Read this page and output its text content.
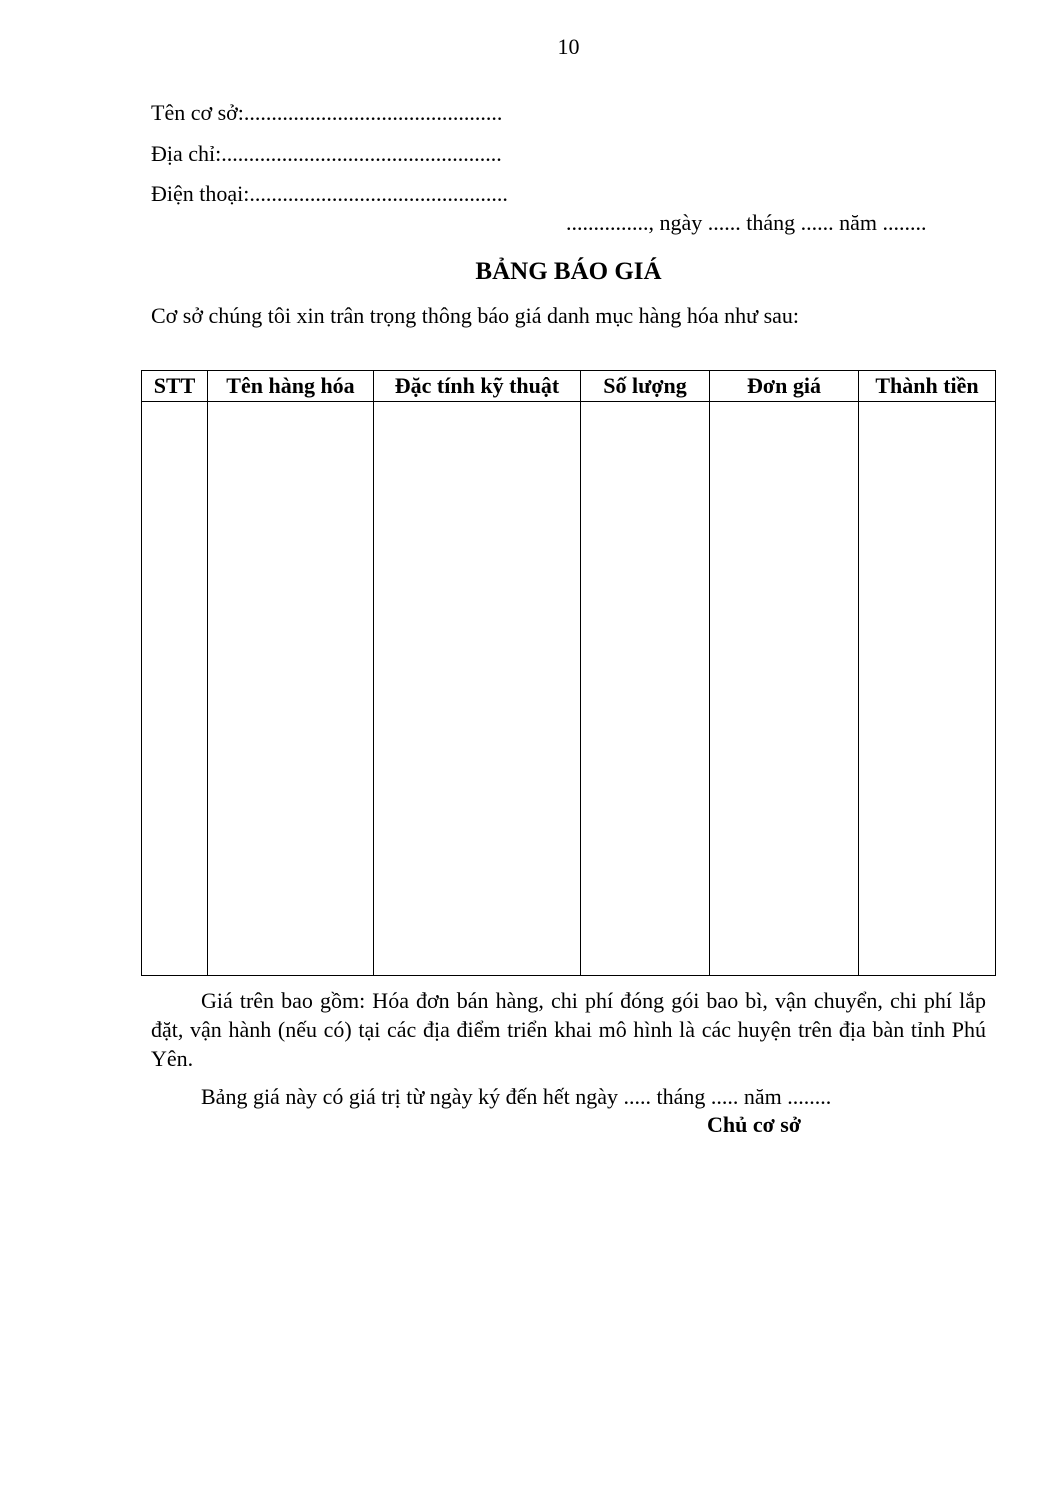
10
Tên cơ sở:...............................................
Địa chỉ:...................................................
Điện thoại:...............................................
..............., ngày ...... tháng ...... năm ........
BẢNG BÁO GIÁ
Cơ sở chúng tôi xin trân trọng thông báo giá danh mục hàng hóa như sau:
STT	Tên hàng hóa	Đặc tính kỹ thuật	Số lượng	Đơn giá	Thành tiền

Giá trên bao gồm: Hóa đơn bán hàng, chi phí đóng gói bao bì, vận chuyển, chi phí lắp đặt, vận hành (nếu có) tại các địa điểm triển khai mô hình là các huyện trên địa bàn tỉnh Phú Yên.
Bảng giá này có giá trị từ ngày ký đến hết ngày ..... tháng ..... năm ........
Chủ cơ sở
